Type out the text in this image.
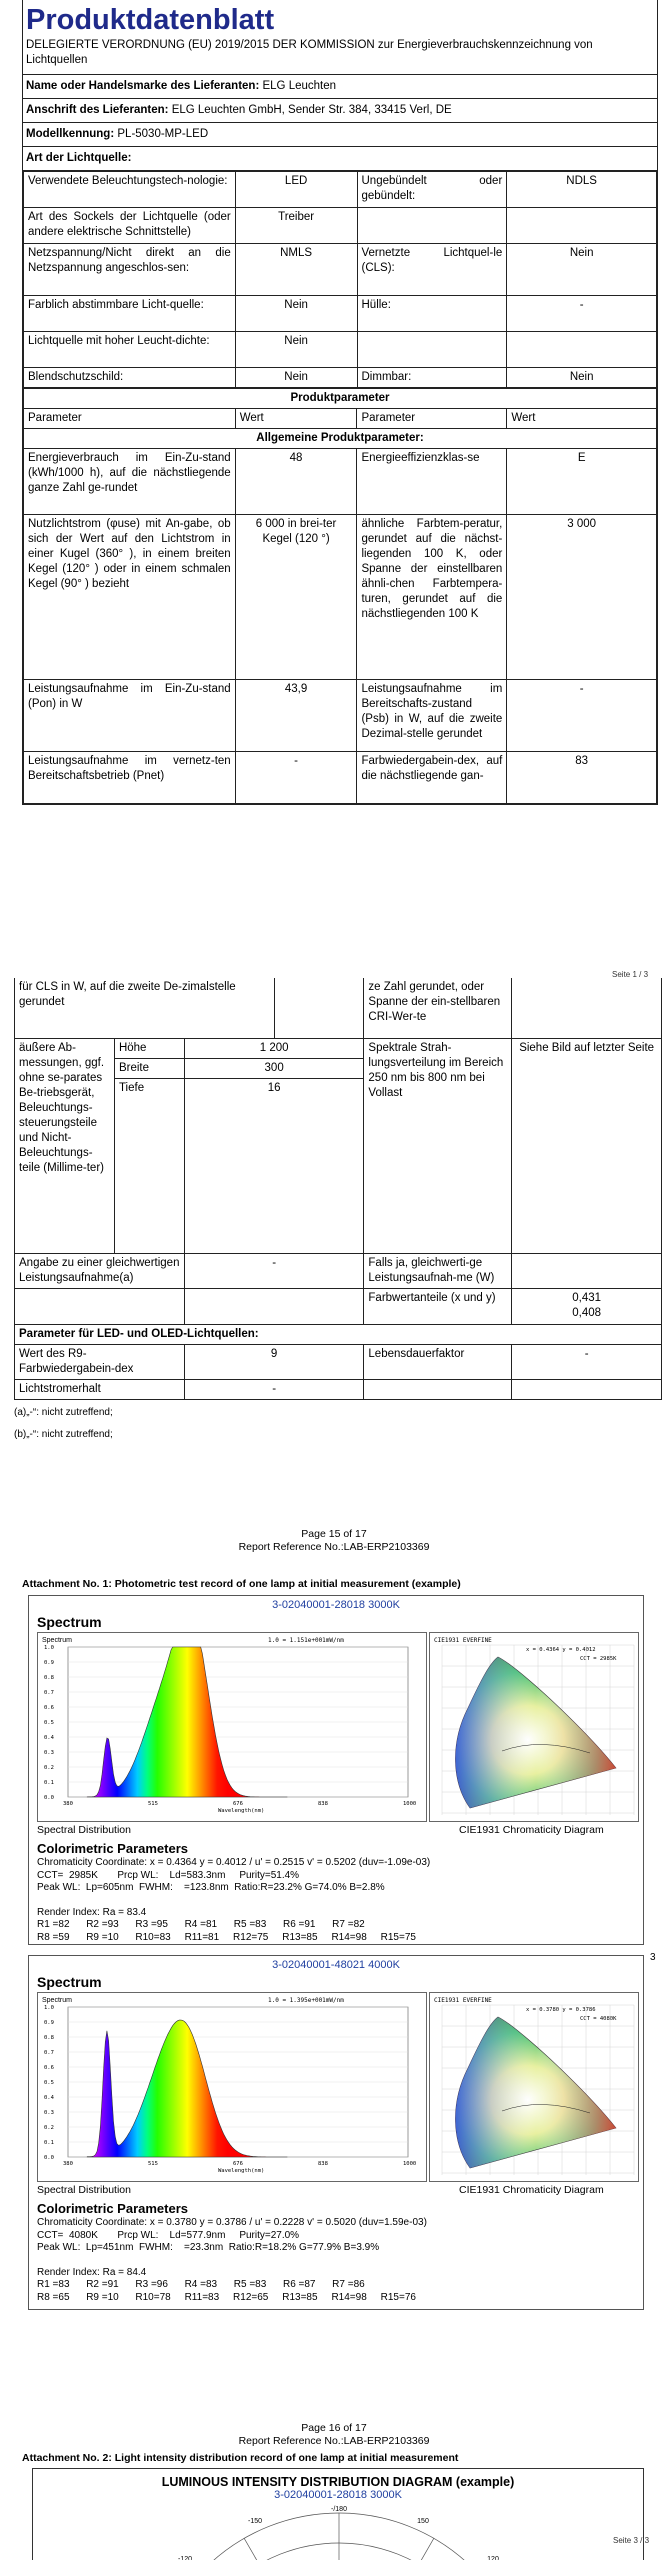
Produktdatenblatt
DELEGIERTE VERORDNUNG (EU) 2019/2015 DER KOMMISSION zur Energieverbrauchskennzeichnung von Lichtquellen
Name oder Handelsmarke des Lieferanten: ELG Leuchten
Anschrift des Lieferanten: ELG Leuchten GmbH, Sender Str. 384, 33415 Verl, DE
Modellkennung: PL-5030-MP-LED
Art der Lichtquelle:
Verwendete Beleuchtungstech-nologie:	LED	Ungebündelt oder gebündelt:	NDLS
Art des Sockels der Lichtquelle (oder andere elektrische Schnittstelle)	Treiber		
Netzspannung/Nicht direkt an die Netzspannung angeschlos-sen:	NMLS	Vernetzte Lichtquel-le (CLS):	Nein
Farblich abstimmbare Licht-quelle:	Nein	Hülle:	-
Lichtquelle mit hoher Leucht-dichte:	Nein		
Blendschutzschild:	Nein	Dimmbar:	Nein
Produktparameter			
Parameter	Wert	Parameter	Wert
Allgemeine Produktparameter:			
Energieverbrauch im Ein-Zu-stand (kWh/1000 h), auf die nächstliegende ganze Zahl ge-rundet	48	Energieeffizienzklas-se	E
Nutzlichtstrom (φuse) mit An-gabe, ob sich der Wert auf den Lichtstrom in einer Kugel (360° ), in einem breiten Kegel (120° ) oder in einem schmalen Kegel (90° ) bezieht	6 000 in brei-ter Kegel (120 °)	ähnliche Farbtem-peratur, gerundet auf die nächst-liegenden 100 K, oder Spanne der einstellbaren ähnli-chen Farbtempera-turen, gerundet auf die nächstliegenden 100 K	3 000
Leistungsaufnahme im Ein-Zu-stand (Pon) in W	43,9	Leistungsaufnahme im Bereitschafts-zustand (Psb) in W, auf die zweite Dezimal-stelle gerundet	-
Leistungsaufnahme im vernetz-ten Bereitschaftsbetrieb (Pnet)	-	Farbwiedergabein-dex, auf die nächstliegende gan-	83
Seite 1 / 3
für CLS in W, auf die zweite De-zimalstelle gerundet				ze Zahl gerundet, oder Spanne der ein-stellbaren CRI-Wer-te	
äußere Ab-messungen, ggf. ohne se-parates Be-triebsgerät, Beleuchtungs-steuerungsteile und Nicht-Beleuchtungs-teile (Millime-ter)	Höhe	1 200		Spektrale Strah-lungsverteilung im Bereich 250 nm bis 800 nm bei Vollast	Siehe Bild auf letzter Seite
	Breite	300			
	Tiefe	16			
Angabe zu einer gleichwertigen Leistungsaufnahme(a)		-		Falls ja, gleichwerti-ge Leistungsaufnah-me (W)	
				Farbwertanteile (x und y)	0,431
0,408
Parameter für LED- und OLED-Lichtquellen:					
Wert des R9-Farbwiedergabein-dex		9		Lebensdauerfaktor	-
Lichtstromerhalt		-			
(a)„-“: nicht zutreffend;
(b)„-“: nicht zutreffend;
Page 15 of 17
Report Reference No.:LAB-ERP2103369
Attachment No. 1: Photometric test record of one lamp at initial measurement (example)
3-02040001-28018 3000K
Spectrum
Spectrum	1.0 = 1.151e+001mW/nm
1.0
0.9
0.8
0.7
0.6
0.5
0.4
0.3
0.2
0.1
0.0
380	515	676	838	1000
Wavelength(nm)
CIE1931 EVERFINE
x = 0.4364 y = 0.4012
CCT = 2985K
Spectral Distribution	CIE1931 Chromaticity Diagram
Colorimetric Parameters
Chromaticity Coordinate: x = 0.4364 y = 0.4012 / u' = 0.2515 v' = 0.5202 (duv=-1.09e-03)
CCT=  2985K       Prcp WL:    Ld=583.3nm     Purity=51.4%
Peak WL:  Lp=605nm  FWHM:    =123.8nm  Ratio:R=23.2% G=74.0% B=2.8%
Render Index: Ra = 83.4
R1 =82      R2 =93      R3 =95      R4 =81      R5 =83      R6 =91      R7 =82
R8 =59      R9 =10      R10=83     R11=81     R12=75     R13=85     R14=98     R15=75
3
3-02040001-48021 4000K
Spectrum
Spectrum	1.0 = 1.395e+001mW/nm
1.0
0.9
0.8
0.7
0.6
0.5
0.4
0.3
0.2
0.1
0.0
380	515	676	838	1000
Wavelength(nm)
CIE1931 EVERFINE
x = 0.3780 y = 0.3786
CCT = 4080K
Spectral Distribution	CIE1931 Chromaticity Diagram
Colorimetric Parameters
Chromaticity Coordinate: x = 0.3780 y = 0.3786 / u' = 0.2228 v' = 0.5020 (duv=1.59e-03)
CCT=  4080K       Prcp WL:    Ld=577.9nm     Purity=27.0%
Peak WL:  Lp=451nm  FWHM:    =23.3nm  Ratio:R=18.2% G=77.9% B=3.9%
Render Index: Ra = 84.4
R1 =83      R2 =91      R3 =96      R4 =83      R5 =83      R6 =87      R7 =86
R8 =65      R9 =10      R10=78     R11=83     R12=65     R13=85     R14=98     R15=76
Page 16 of 17
Report Reference No.:LAB-ERP2103369
Attachment No. 2: Light intensity distribution record of one lamp at initial measurement
LUMINOUS INTENSITY DISTRIBUTION DIAGRAM (example)
3-02040001-28018 3000K
-/180
-150	150
-120	120
Seite 3 / 3
